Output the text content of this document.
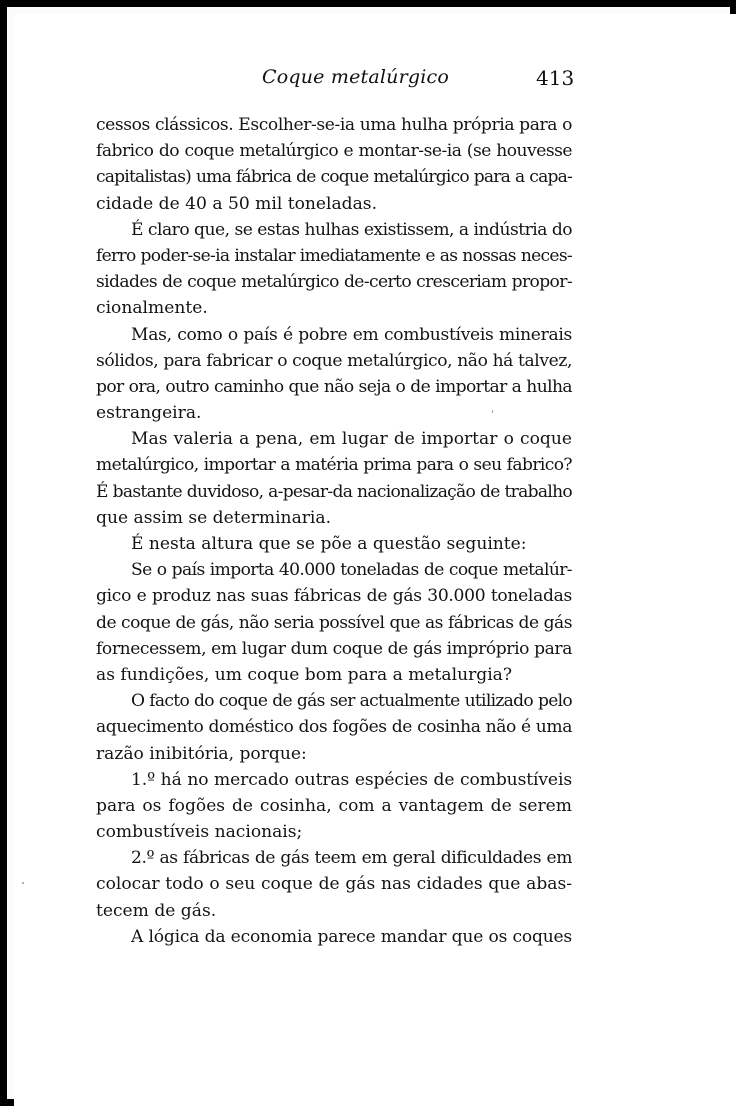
Coque metalúrgico	413
cessos clássicos. Escolher-se-ia uma hulha própria para o
fabrico do coque metalúrgico e montar-se-ia (se houvesse
capitalistas) uma fábrica de coque metalúrgico para a capa-
cidade de 40 a 50 mil toneladas.
É claro que, se estas hulhas existissem, a indústria do
ferro poder-se-ia instalar imediatamente e as nossas neces-
sidades de coque metalúrgico de-certo cresceriam propor-
cionalmente.
Mas, como o país é pobre em combustíveis minerais
sólidos, para fabricar o coque metalúrgico, não há talvez,
por ora, outro caminho que não seja o de importar a hulha
estrangeira.
Mas valeria a pena, em lugar de importar o coque
metalúrgico, importar a matéria prima para o seu fabrico?
É bastante duvidoso, a-pesar-da nacionalização de trabalho
que assim se determinaria.
É nesta altura que se põe a questão seguinte:
Se o país importa 40.000 toneladas de coque metalúr-
gico e produz nas suas fábricas de gás 30.000 toneladas
de coque de gás, não seria possível que as fábricas de gás
fornecessem, em lugar dum coque de gás impróprio para
as fundições, um coque bom para a metalurgia?
O facto do coque de gás ser actualmente utilizado pelo
aquecimento doméstico dos fogões de cosinha não é uma
razão inibitória, porque:
1.º há no mercado outras espécies de combustíveis
para os fogões de cosinha, com a vantagem de serem
combustíveis nacionais;
2.º as fábricas de gás teem em geral dificuldades em
colocar todo o seu coque de gás nas cidades que abas-
tecem de gás.
A lógica da economia parece mandar que os coques
